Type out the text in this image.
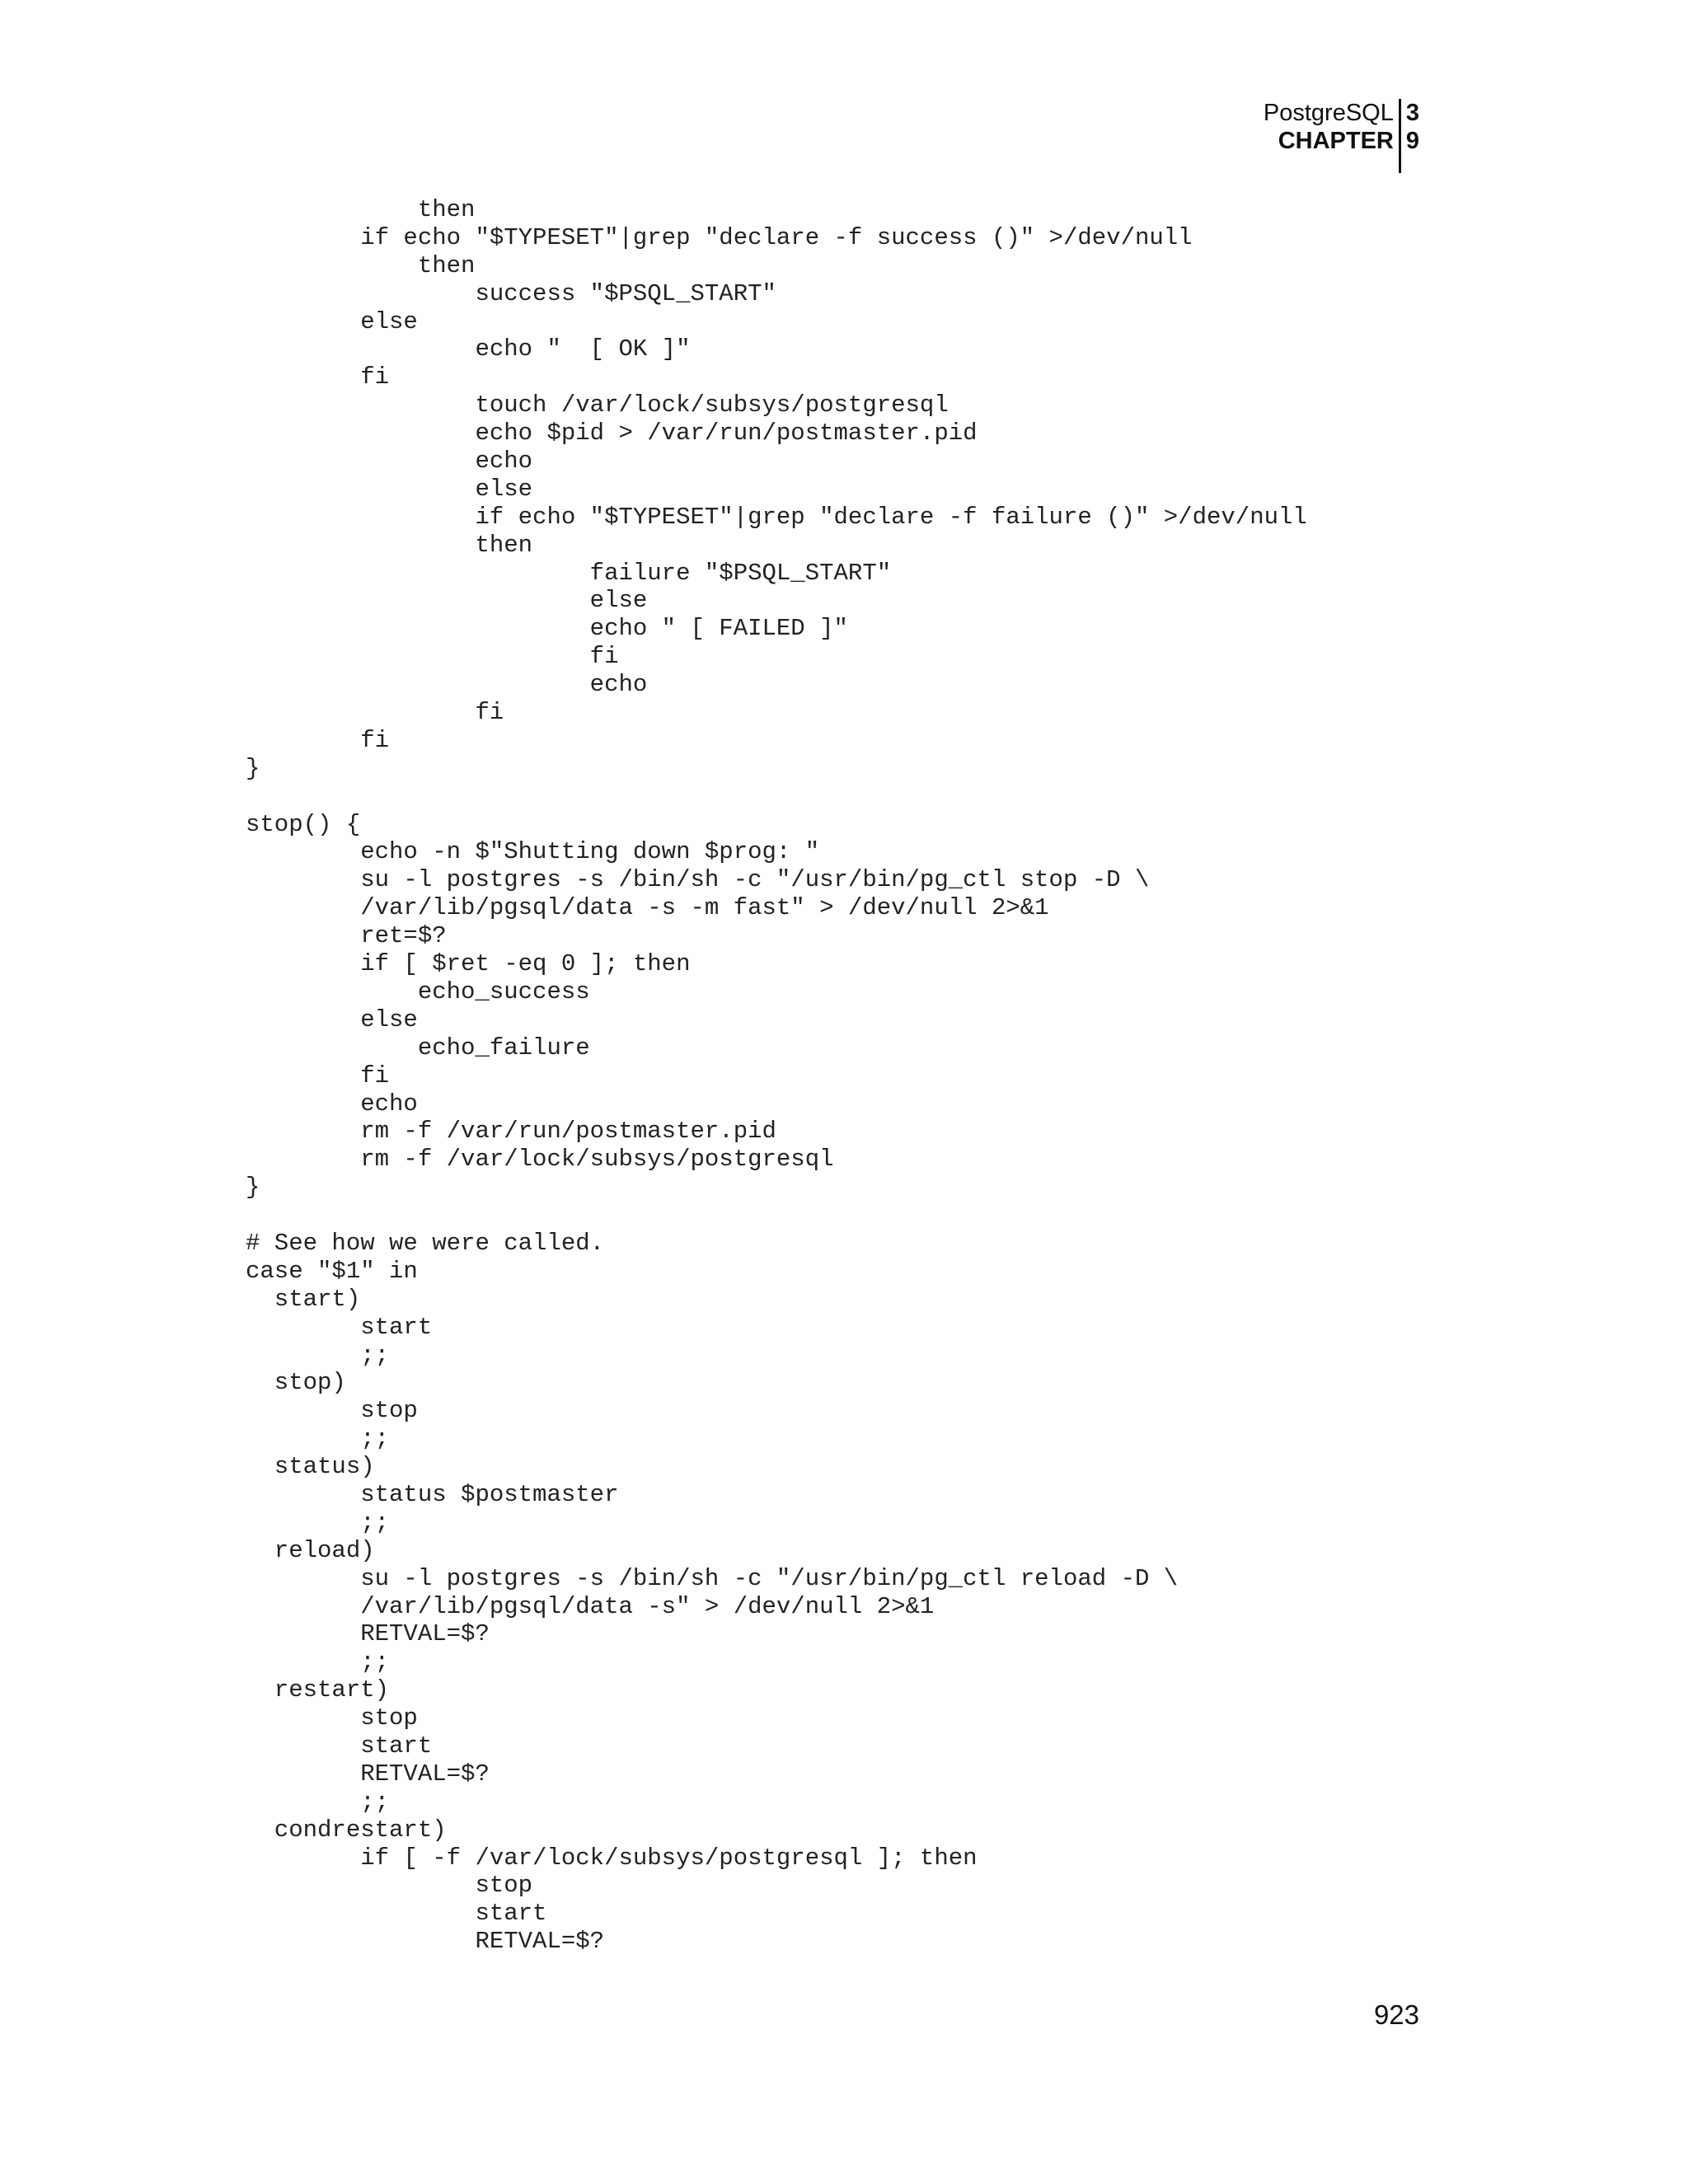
PostgreSQL
CHAPTER
3
9
then
if echo "$TYPESET"|grep "declare -f success ()" >/dev/null
then
success "$PSQL_START"
else
echo "  [ OK ]"
fi
touch /var/lock/subsys/postgresql
echo $pid > /var/run/postmaster.pid
echo
else
if echo "$TYPESET"|grep "declare -f failure ()" >/dev/null
then
failure "$PSQL_START"
else
echo " [ FAILED ]"
fi
echo
fi
fi
}
stop() {
echo -n $"Shutting down $prog: "
su -l postgres -s /bin/sh -c "/usr/bin/pg_ctl stop -D \
/var/lib/pgsql/data -s -m fast" > /dev/null 2>&1
ret=$?
if [ $ret -eq 0 ]; then
echo_success
else
echo_failure
fi
echo
rm -f /var/run/postmaster.pid
rm -f /var/lock/subsys/postgresql
}
# See how we were called.
case "$1" in
start)
start
;;
stop)
stop
;;
status)
status $postmaster
;;
reload)
su -l postgres -s /bin/sh -c "/usr/bin/pg_ctl reload -D \
/var/lib/pgsql/data -s" > /dev/null 2>&1
RETVAL=$?
;;
restart)
stop
start
RETVAL=$?
;;
condrestart)
if [ -f /var/lock/subsys/postgresql ]; then
stop
start
RETVAL=$?
923
